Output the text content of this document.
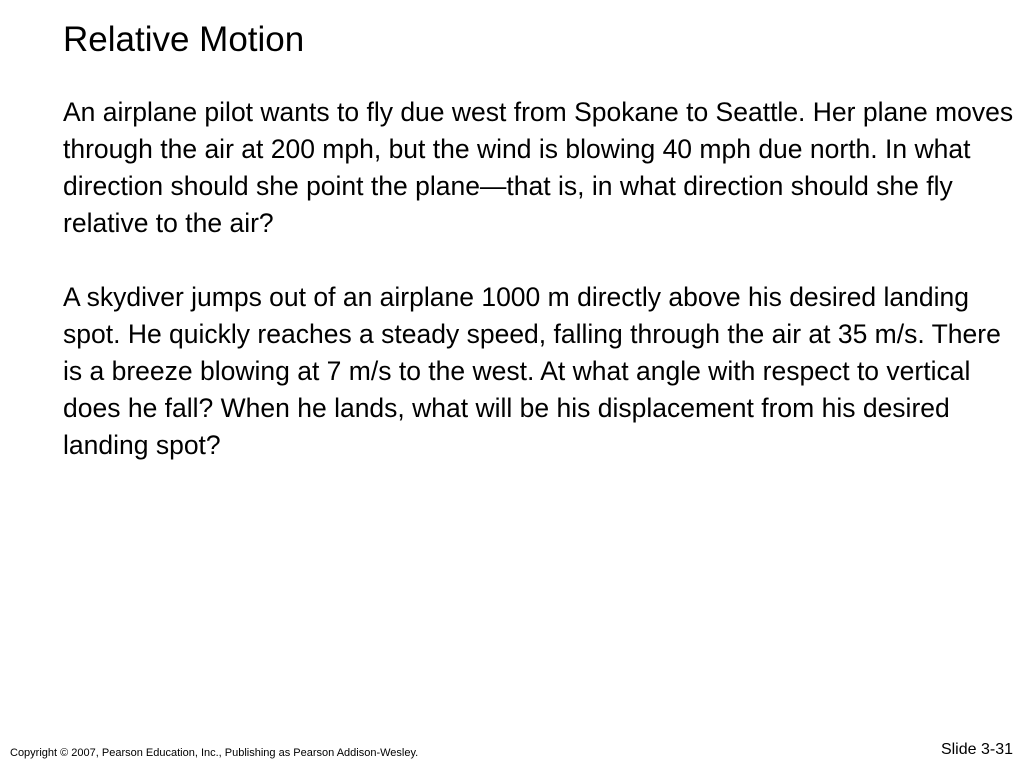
Relative Motion

An airplane pilot wants to fly due west from Spokane to Seattle. Her plane moves through the air at 200 mph, but the wind is blowing 40 mph due north. In what direction should she point the plane—that is, in what direction should she fly relative to the air?

A skydiver jumps out of an airplane 1000 m directly above his desired landing spot. He quickly reaches a steady speed, falling through the air at 35 m/s. There is a breeze blowing at 7 m/s to the west. At what angle with respect to vertical does he fall? When he lands, what will be his displacement from his desired landing spot?

Copyright © 2007, Pearson Education, Inc., Publishing as Pearson Addison-Wesley.	Slide 3-31
